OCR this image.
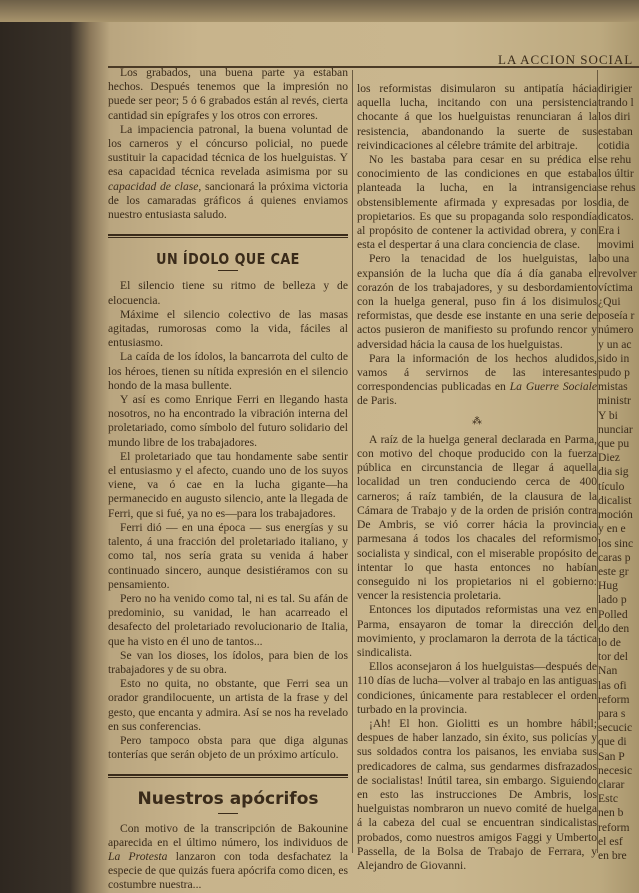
LA ACCION SOCIAL

Los grabados, una buena parte ya estaban hechos. Después tenemos que la impresión no puede ser peor; 5 ó 6 grabados están al revés, cierta cantidad sin epígrafes y los otros con errores.

La impaciencia patronal, la buena voluntad de los carneros y el cóncurso policial, no puede sustituir la capacidad técnica de los huelguistas. Y esa capacidad técnica revelada asimisma por su capacidad de clase, sancionará la próxima victoria de los camaradas gráficos á quienes enviamos nuestro entusiasta saludo.

UN ÍDOLO QUE CAE

El silencio tiene su ritmo de belleza y de elocuencia.

Máxime el silencio colectivo de las masas agitadas, rumorosas como la vida, fáciles al entusiasmo.

La caída de los ídolos, la bancarrota del culto de los héroes, tienen su nítida expresión en el silencio hondo de la masa bullente.

Y así es como Enrique Ferri en llegando hasta nosotros, no ha encontrado la vibración interna del proletariado, como símbolo del futuro solidario del mundo libre de los trabajadores.

El proletariado que tau hondamente sabe sentir el entusiasmo y el afecto, cuando uno de los suyos viene, va ó cae en la lucha gigante—ha permanecido en augusto silencio, ante la llegada de Ferri, que si fué, ya no es—para los trabajadores.

Ferri dió — en una época — sus energías y su talento, á una fracción del proletariado italiano, y como tal, nos sería grata su venida á haber continuado sincero, aunque desistiéramos con su pensamiento.

Pero no ha venido como tal, ni es tal. Su afán de predominio, su vanidad, le han acarreado el desafecto del proletariado revolucionario de Italia, que ha visto en él uno de tantos...

Se van los dioses, los ídolos, para bien de los trabajadores y de su obra.

Esto no quita, no obstante, que Ferri sea un orador grandilocuente, un artista de la frase y del gesto, que encanta y admira. Así se nos ha revelado en sus conferencias.

Pero tampoco obsta para que diga algunas tonterías que serán objeto de un próximo artículo.

Nuestros apócrifos

Con motivo de la transcripción de Bakounine aparecida en el último número, los individuos de La Protesta lanzaron con toda desfachatez la especie de que quizás fuera apócrifa como dicen, es costumbre nuestra...

los reformistas disimularon su antipatía hácia aquella lucha, incitando con una persistencia chocante á que los huelguistas renunciaran á la resistencia, abandonando la suerte de sus reivindicaciones al célebre trámite del arbitraje.

No les bastaba para cesar en su prédica el conocimiento de las condiciones en que estaba planteada la lucha, en la intransigencia obstensiblemente afirmada y expresadas por los propietarios. Es que su propaganda solo respondía al propósito de contener la actividad obrera, y con esta el despertar á una clara conciencia de clase.

Pero la tenacidad de los huelguistas, la expansión de la lucha que día á día ganaba el corazón de los trabajadores, y su desbordamiento con la huelga general, puso fin á los disimulos reformistas, que desde ese instante en una serie de actos pusieron de manifiesto su profundo rencor y adversidad hácia la causa de los huelguistas.

Para la información de los hechos aludidos, vamos á servirnos de las interesantes correspondencias publicadas en La Guerre Sociale de Paris.

⁂

A raíz de la huelga general declarada en Parma, con motivo del choque producido con la fuerza pública en circunstancia de llegar á aquella localidad un tren conduciendo cerca de 400 carneros; á raíz también, de la clausura de la Cámara de Trabajo y de la orden de prisión contra De Ambris, se vió correr hácia la provincia parmesana á todos los chacales del reformismo socialista y sindical, con el miserable propósito de intentar lo que hasta entonces no habían conseguido ni los propietarios ni el gobierno: vencer la resistencia proletaria.

Entonces los diputados reformistas una vez en Parma, ensayaron de tomar la dirección del movimiento, y proclamaron la derrota de la táctica sindicalista.

Ellos aconsejaron á los huelguistas—después de 110 días de lucha—volver al trabajo en las antiguas condiciones, únicamente para restablecer el orden turbado en la provincia.

¡Ah! El hon. Giolitti es un hombre hábil; despues de haber lanzado, sin éxito, sus policías y sus soldados contra los paisanos, les enviaba sus predicadores de calma, sus gendarmes disfrazados de socialistas! Inútil tarea, sin embargo. Siguiendo en esto las instrucciones De Ambris, los huelguistas nombraron un nuevo comité de huelga á la cabeza del cual se encuentran sindicalistas probados, como nuestros amigos Faggi y Umberto Passella, de la Bolsa de Trabajo de Ferrara, y Alejandro de Giovanni.

dirigier
trando l
los diri
estaban
cotidia
se rehu
los últir
se rehus
dia, de
dicatos.
Era i
movimi
bo una
revolver
víctima
¿Qui
poseía r
número
y un ac
sido in
pudo p
mistas
ministr
Y bi
nunciar
que pu
Diez
dia sig
tículo
dicalist
moción
y en e
los sinc
caras p
este gr
Hug
lado p
Polled
do den
lo de
tor del
Nan
las ofi
reform
para s
secucic
que di
San P
necesic
clarar
Estc
nen b
reform
el esf
en bre
